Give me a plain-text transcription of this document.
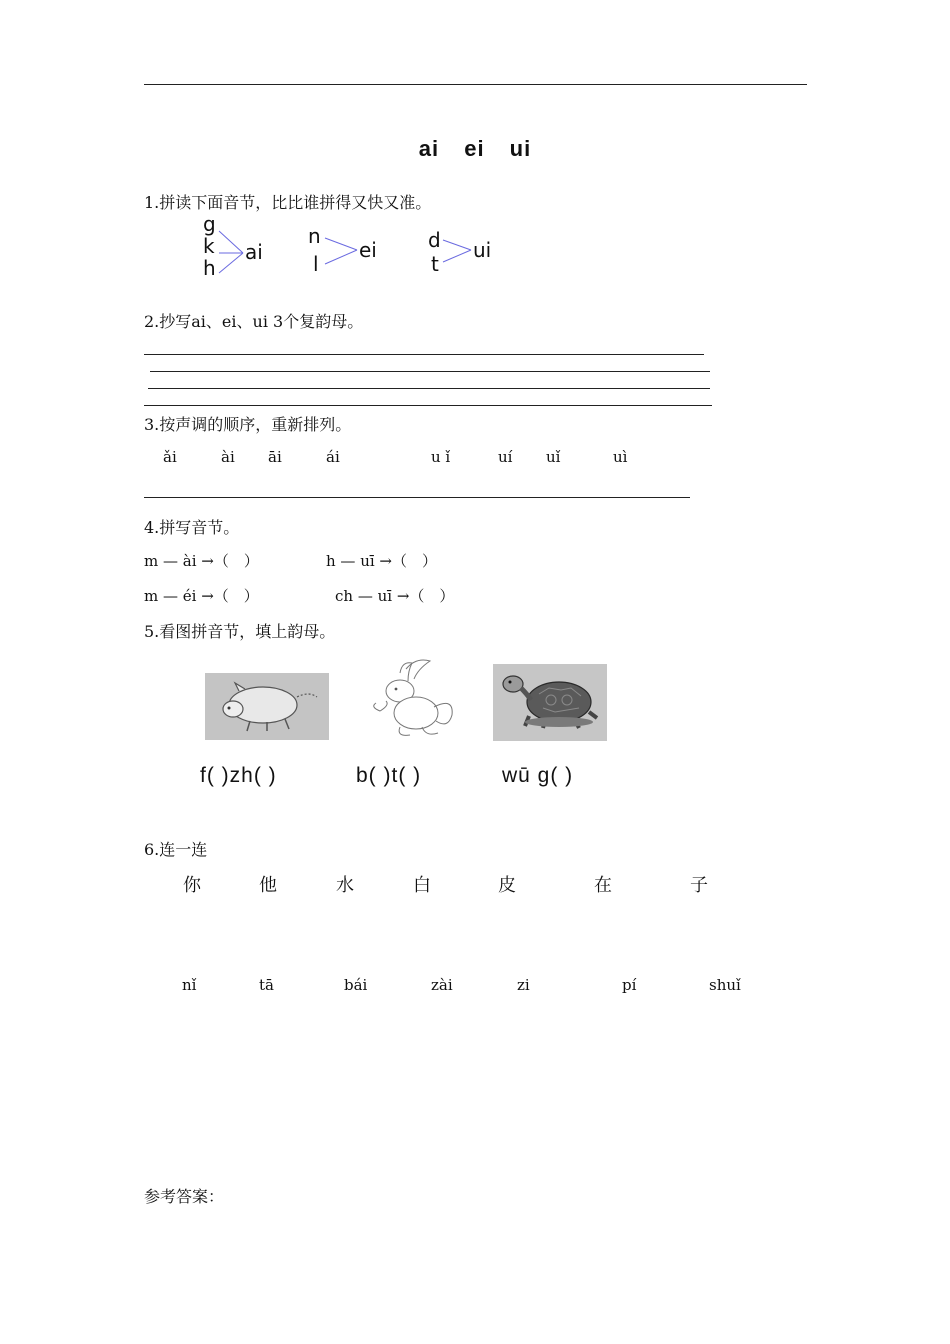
ai ei ui
1.拼读下面音节，比比谁拼得又快又准。
g
k
h
ai
n
l
ei	d
t
ui
2.抄写ai、ei、ui 3个复韵母。
3.按声调的顺序，重新排列。
ǎi	ài āi	ái	u ǐ	uí uǐ	uì
4.拼写音节。
m — ài →（　）	h — uī →（　）
m — éi →（　）	ch — uī →（　）
5.看图拼音节，填上韵母。
f( )zh( )	b( )t( )	wū g( )
6.连一连
你	他	水	白	皮	在	子
nǐ	tā	bái	zài	zi	pí	shuǐ
参考答案：
